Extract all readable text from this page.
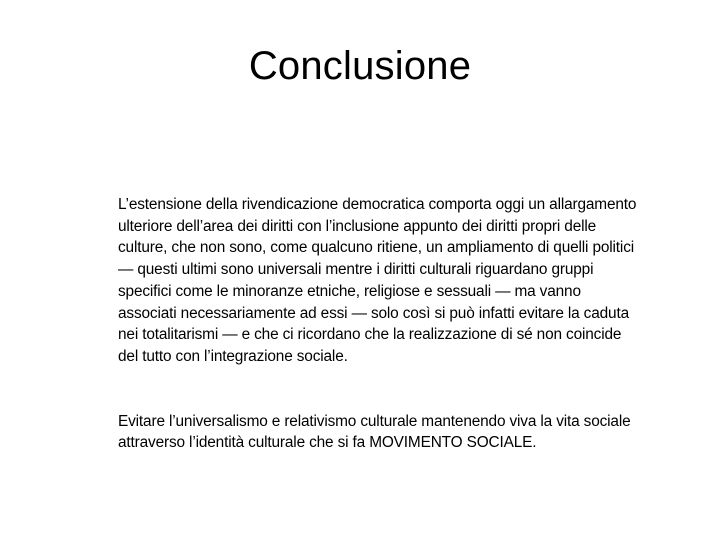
Conclusione

L’estensione della rivendicazione democratica comporta oggi un allargamento ulteriore dell’area dei diritti con l’inclusione appunto dei diritti propri delle culture, che non sono, come qualcuno ritiene, un ampliamento di quelli politici — questi ultimi sono universali mentre i diritti culturali riguardano gruppi specifici come le minoranze etniche, religiose e sessuali — ma vanno associati necessariamente ad essi — solo così si può infatti evitare la caduta nei totalitarismi — e che ci ricordano che la realizzazione di sé non coincide del tutto con l’integrazione sociale.

Evitare l’universalismo e relativismo culturale mantenendo viva la vita sociale attraverso l’identità culturale che si fa MOVIMENTO SOCIALE.
